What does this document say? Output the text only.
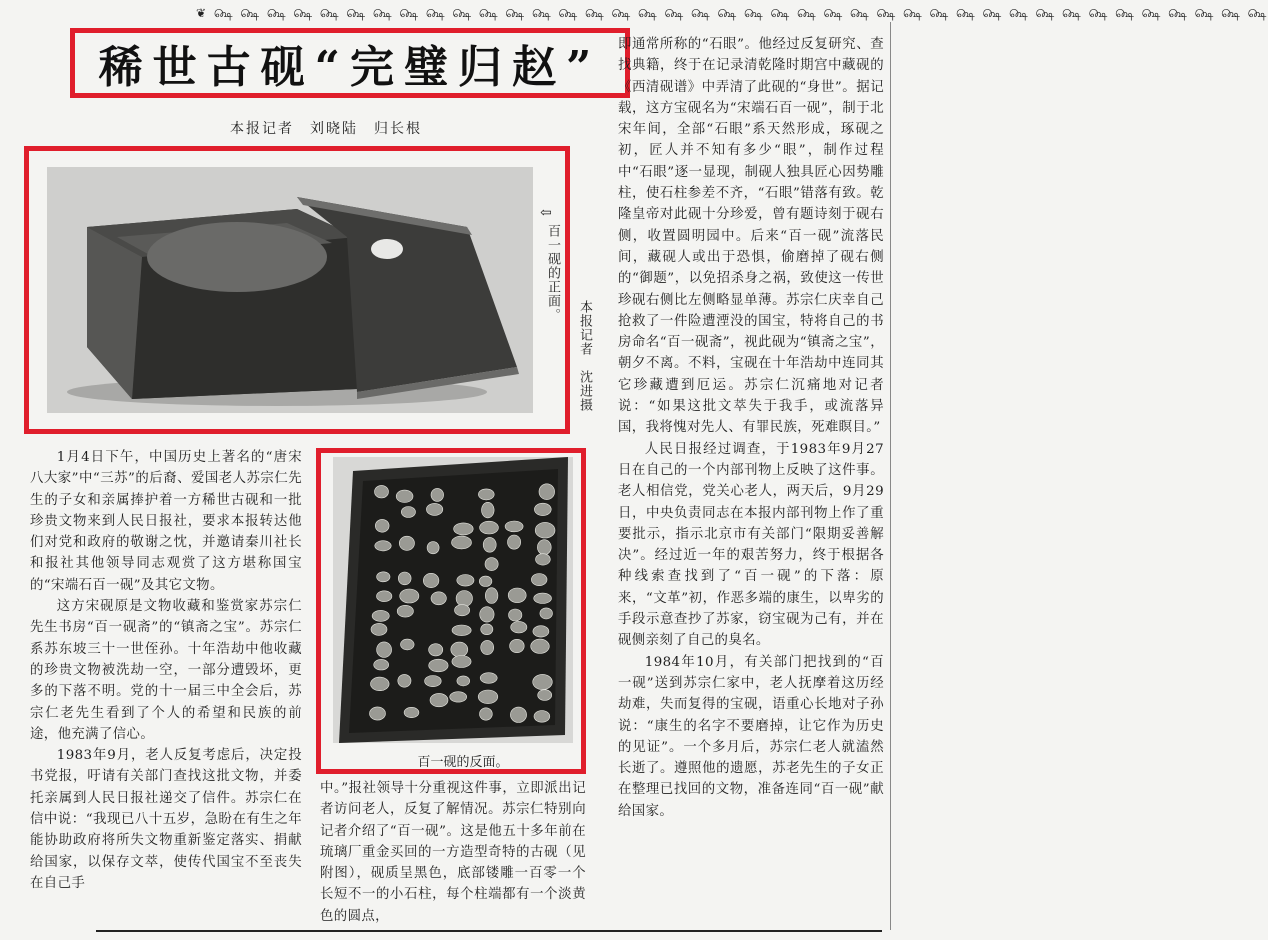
❦ ௸ ௸ ௸ ௸ ௸ ௸ ௸ ௸ ௸ ௸ ௸ ௸ ௸ ௸ ௸ ௸ ௸ ௸ ௸ ௸ ௸ ௸ ௸ ௸ ௸ ௸ ௸ ௸ ௸ ௸ ௸ ௸ ௸ ௸ ௸ ௸ ௸ ௸ ௸ ௸
稀世古砚“完璧归赵”
本报记者　刘晓陆　归长根
⇦
百一砚的正面。
本报记者　沈进摄
百一砚的反面。

1月4日下午，中国历史上著名的“唐宋八大家”中“三苏”的后裔、爱国老人苏宗仁先生的子女和亲属捧护着一方稀世古砚和一批珍贵文物来到人民日报社，要求本报转达他们对党和政府的敬谢之忱，并邀请秦川社长和报社其他领导同志观赏了这方堪称国宝的“宋端石百一砚”及其它文物。

这方宋砚原是文物收藏和鉴赏家苏宗仁先生书房“百一砚斋”的“镇斋之宝”。苏宗仁系苏东坡三十一世侄孙。十年浩劫中他收藏的珍贵文物被洗劫一空，一部分遭毁坏，更多的下落不明。党的十一届三中全会后，苏宗仁老先生看到了个人的希望和民族的前途，他充满了信心。

1983年9月，老人反复考虑后，决定投书党报，吁请有关部门查找这批文物，并委托亲属到人民日报社递交了信件。苏宗仁在信中说：“我现已八十五岁，急盼在有生之年能协助政府将所失文物重新鉴定落实、捐献给国家，以保存文萃，使传代国宝不至丧失在自己手

中。”报社领导十分重视这件事，立即派出记者访问老人，反复了解情况。苏宗仁特别向记者介绍了“百一砚”。这是他五十多年前在琉璃厂重金买回的一方造型奇特的古砚（见附图），砚质呈黑色，底部镂雕一百零一个长短不一的小石柱，每个柱端都有一个淡黄色的圆点，

即通常所称的“石眼”。他经过反复研究、查找典籍，终于在记录清乾隆时期宫中藏砚的《西清砚谱》中弄清了此砚的“身世”。据记载，这方宝砚名为“宋端石百一砚”，制于北宋年间，全部“石眼”系天然形成，琢砚之初，匠人并不知有多少“眼”，制作过程中“石眼”逐一显现，制砚人独具匠心因势雕柱，使石柱参差不齐，“石眼”错落有致。乾隆皇帝对此砚十分珍爱，曾有题诗刻于砚右侧，收置圆明园中。后来“百一砚”流落民间，藏砚人或出于恐惧，偷磨掉了砚右侧的“御题”，以免招杀身之祸，致使这一传世珍砚右侧比左侧略显单薄。苏宗仁庆幸自己抢救了一件险遭湮没的国宝，特将自己的书房命名“百一砚斋”，视此砚为“镇斋之宝”，朝夕不离。不料，宝砚在十年浩劫中连同其它珍藏遭到厄运。苏宗仁沉痛地对记者说：“如果这批文萃失于我手，或流落异国，我将愧对先人、有罪民族，死难瞑目。”

人民日报经过调查，于1983年9月27日在自己的一个内部刊物上反映了这件事。老人相信党，党关心老人，两天后，9月29日，中央负责同志在本报内部刊物上作了重要批示，指示北京市有关部门“限期妥善解决”。经过近一年的艰苦努力，终于根据各种线索查找到了“百一砚”的下落：原来，“文革”初，作恶多端的康生，以卑劣的手段示意查抄了苏家，窃宝砚为己有，并在砚侧亲刻了自己的臭名。

1984年10月，有关部门把找到的“百一砚”送到苏宗仁家中，老人抚摩着这历经劫难，失而复得的宝砚，语重心长地对子孙说：“康生的名字不要磨掉，让它作为历史的见证”。一个多月后，苏宗仁老人就溘然长逝了。遵照他的遗愿，苏老先生的子女正在整理已找回的文物，准备连同“百一砚”献给国家。
